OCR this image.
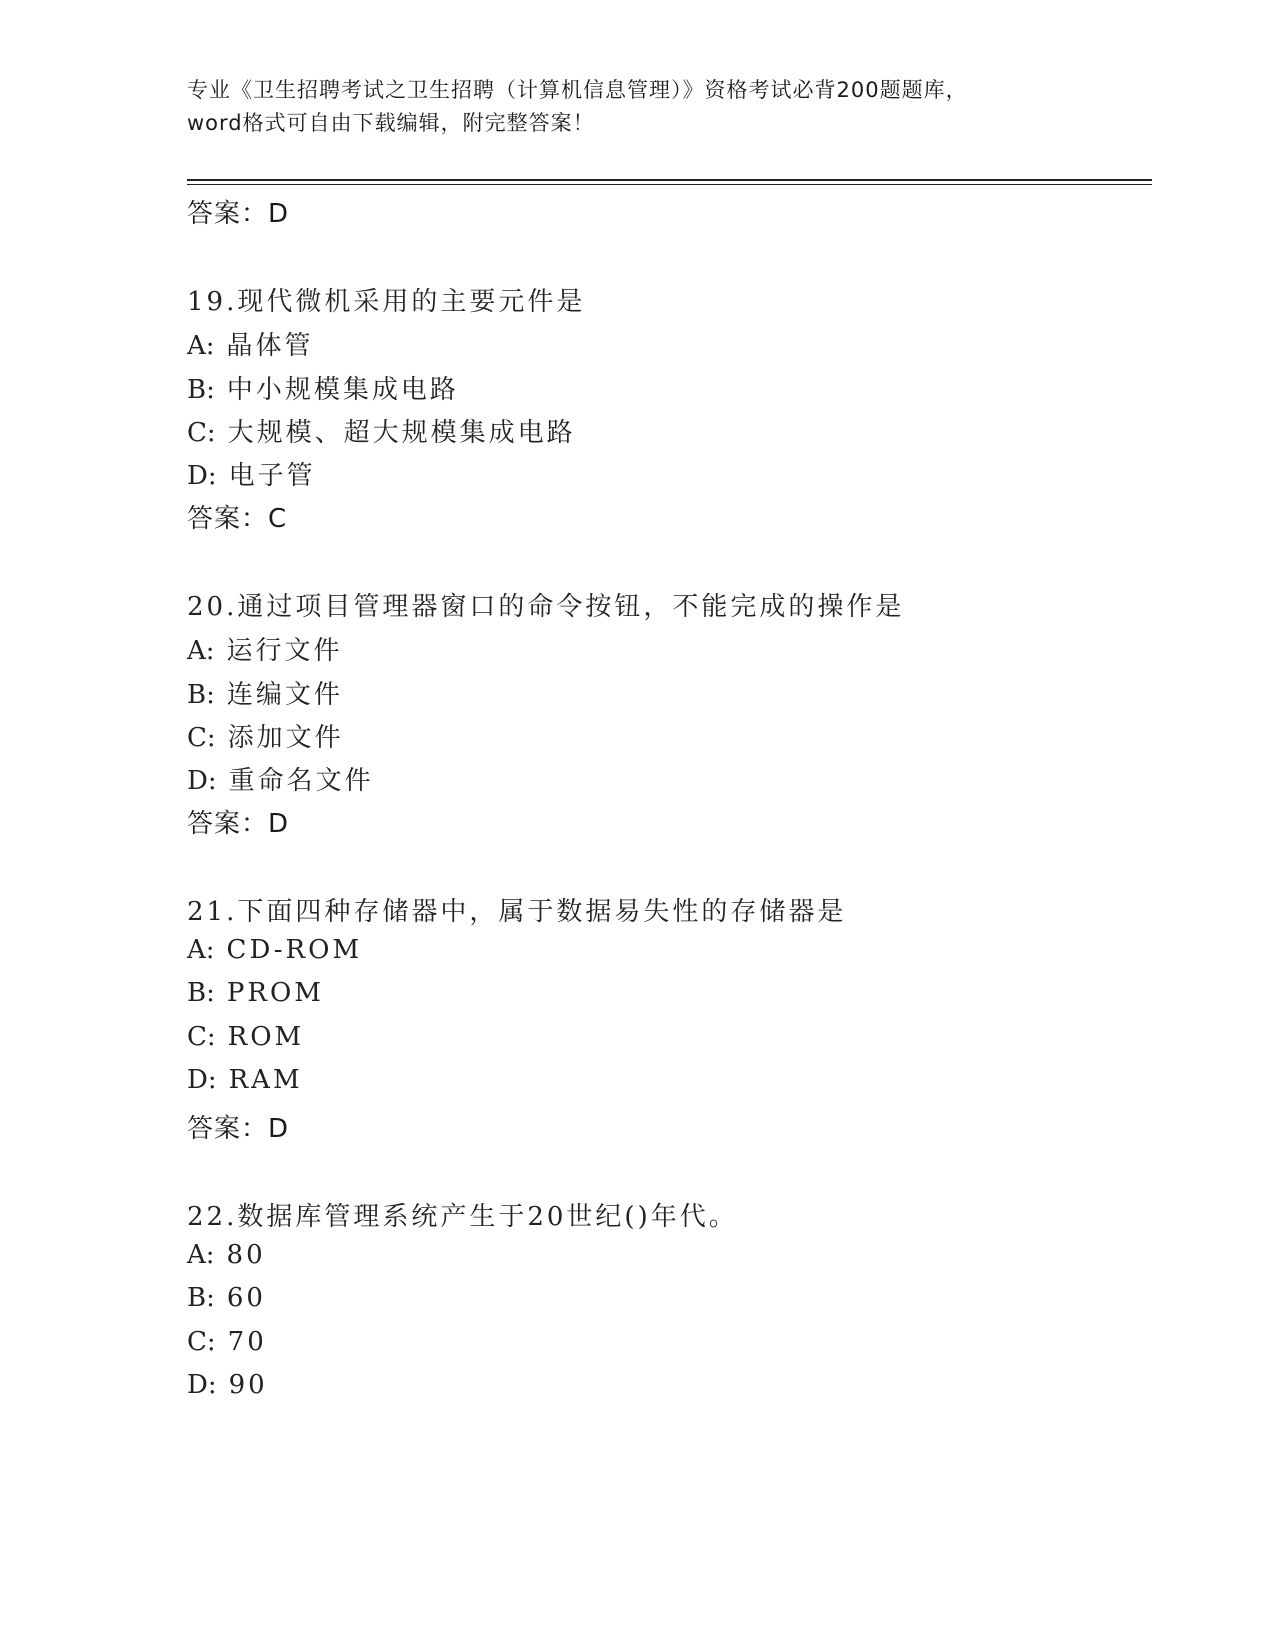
专业《卫生招聘考试之卫生招聘（计算机信息管理）》资格考试必背200题题库，
word格式可自由下载编辑，附完整答案！
答案：D
19.现代微机采用的主要元件是
A: 晶体管
B: 中小规模集成电路
C: 大规模、超大规模集成电路
D: 电子管
答案：C
20.通过项目管理器窗口的命令按钮，不能完成的操作是
A: 运行文件
B: 连编文件
C: 添加文件
D: 重命名文件
答案：D
21.下面四种存储器中，属于数据易失性的存储器是
A: CD-ROM
B: PROM
C: ROM
D: RAM
答案：D
22.数据库管理系统产生于20世纪()年代。
A: 80
B: 60
C: 70
D: 90
